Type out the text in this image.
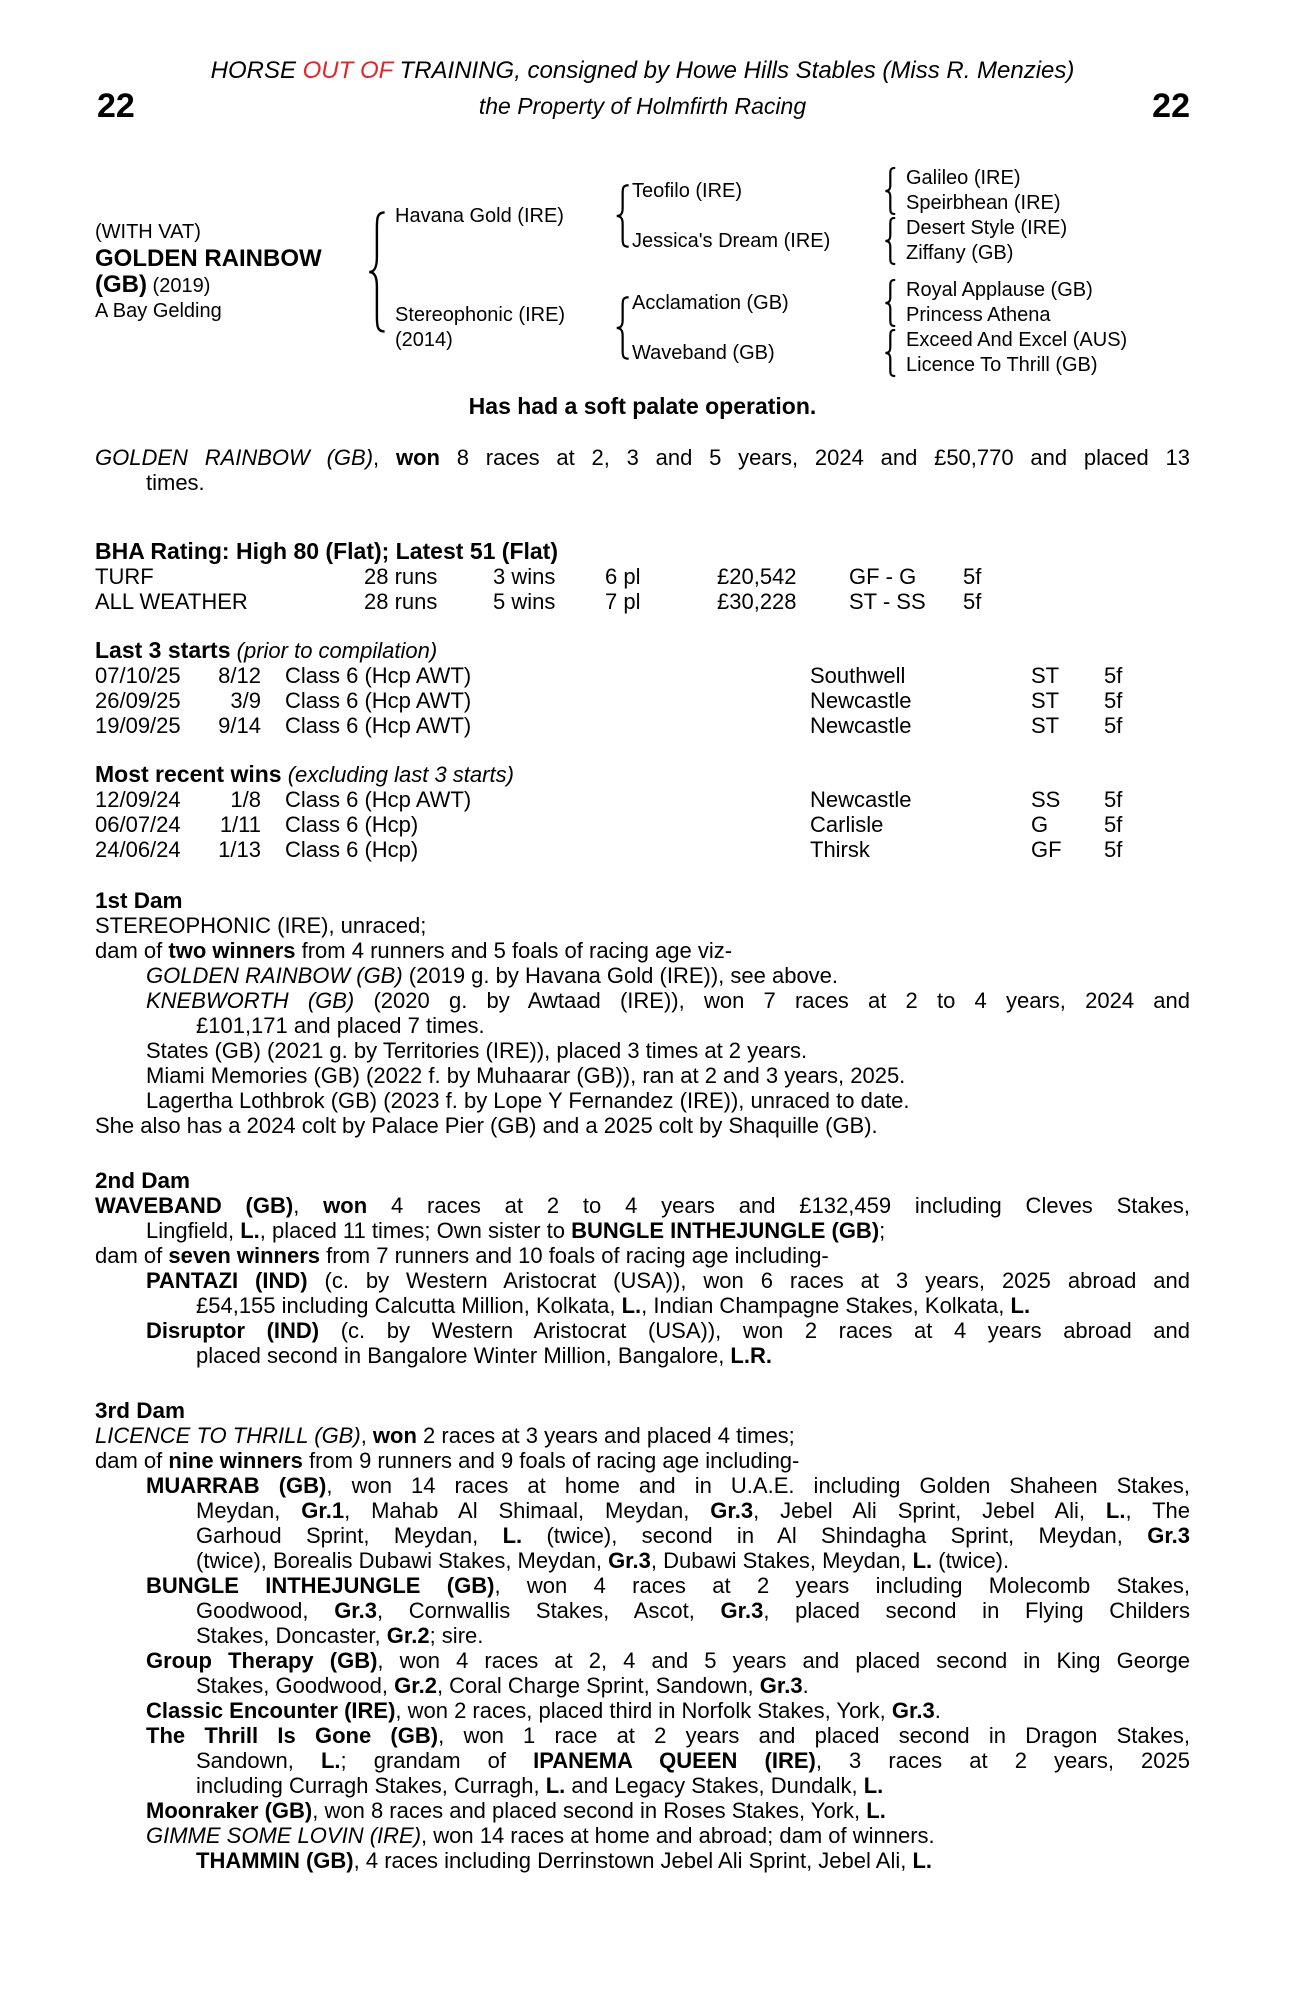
HORSE OUT OF TRAINING, consigned by Howe Hills Stables (Miss R. Menzies)
22	the Property of Holmfirth Racing	22
(WITH VAT)
GOLDEN RAINBOW
(GB) (2019)
A Bay Gelding
Havana Gold (IRE)
Teofilo (IRE)
Galileo (IRE)
Speirbhean (IRE)
Jessica's Dream (IRE)
Desert Style (IRE)
Ziffany (GB)
Stereophonic (IRE)
(2014)
Acclamation (GB)
Royal Applause (GB)
Princess Athena
Waveband (GB)
Exceed And Excel (AUS)
Licence To Thrill (GB)
Has had a soft palate operation.
GOLDEN RAINBOW (GB), won 8 races at 2, 3 and 5 years, 2024 and £50,770 and placed 13
times.
BHA Rating: High 80 (Flat); Latest 51 (Flat)
TURF	28 runs	3 wins	6 pl	£20,542	GF - G	5f
ALL WEATHER	28 runs	5 wins	7 pl	£30,228	ST - SS	5f
Last 3 starts (prior to compilation)
07/10/25	8/12	Class 6 (Hcp AWT)	Southwell	ST	5f
26/09/25	3/9	Class 6 (Hcp AWT)	Newcastle	ST	5f
19/09/25	9/14	Class 6 (Hcp AWT)	Newcastle	ST	5f
Most recent wins (excluding last 3 starts)
12/09/24	1/8	Class 6 (Hcp AWT)	Newcastle	SS	5f
06/07/24	1/11	Class 6 (Hcp)	Carlisle	G	5f
24/06/24	1/13	Class 6 (Hcp)	Thirsk	GF	5f
1st Dam
STEREOPHONIC (IRE), unraced;
dam of two winners from 4 runners and 5 foals of racing age viz-
GOLDEN RAINBOW (GB) (2019 g. by Havana Gold (IRE)), see above.
KNEBWORTH (GB) (2020 g. by Awtaad (IRE)), won 7 races at 2 to 4 years, 2024 and
£101,171 and placed 7 times.
States (GB) (2021 g. by Territories (IRE)), placed 3 times at 2 years.
Miami Memories (GB) (2022 f. by Muhaarar (GB)), ran at 2 and 3 years, 2025.
Lagertha Lothbrok (GB) (2023 f. by Lope Y Fernandez (IRE)), unraced to date.
She also has a 2024 colt by Palace Pier (GB) and a 2025 colt by Shaquille (GB).
2nd Dam
WAVEBAND (GB), won 4 races at 2 to 4 years and £132,459 including Cleves Stakes,
Lingfield, L., placed 11 times; Own sister to BUNGLE INTHEJUNGLE (GB);
dam of seven winners from 7 runners and 10 foals of racing age including-
PANTAZI (IND) (c. by Western Aristocrat (USA)), won 6 races at 3 years, 2025 abroad and
£54,155 including Calcutta Million, Kolkata, L., Indian Champagne Stakes, Kolkata, L.
Disruptor (IND) (c. by Western Aristocrat (USA)), won 2 races at 4 years abroad and
placed second in Bangalore Winter Million, Bangalore, L.R.
3rd Dam
LICENCE TO THRILL (GB), won 2 races at 3 years and placed 4 times;
dam of nine winners from 9 runners and 9 foals of racing age including-
MUARRAB (GB), won 14 races at home and in U.A.E. including Golden Shaheen Stakes,
Meydan, Gr.1, Mahab Al Shimaal, Meydan, Gr.3, Jebel Ali Sprint, Jebel Ali, L., The
Garhoud Sprint, Meydan, L. (twice), second in Al Shindagha Sprint, Meydan, Gr.3
(twice), Borealis Dubawi Stakes, Meydan, Gr.3, Dubawi Stakes, Meydan, L. (twice).
BUNGLE INTHEJUNGLE (GB), won 4 races at 2 years including Molecomb Stakes,
Goodwood, Gr.3, Cornwallis Stakes, Ascot, Gr.3, placed second in Flying Childers
Stakes, Doncaster, Gr.2; sire.
Group Therapy (GB), won 4 races at 2, 4 and 5 years and placed second in King George
Stakes, Goodwood, Gr.2, Coral Charge Sprint, Sandown, Gr.3.
Classic Encounter (IRE), won 2 races, placed third in Norfolk Stakes, York, Gr.3.
The Thrill Is Gone (GB), won 1 race at 2 years and placed second in Dragon Stakes,
Sandown, L.; grandam of IPANEMA QUEEN (IRE), 3 races at 2 years, 2025
including Curragh Stakes, Curragh, L. and Legacy Stakes, Dundalk, L.
Moonraker (GB), won 8 races and placed second in Roses Stakes, York, L.
GIMME SOME LOVIN (IRE), won 14 races at home and abroad; dam of winners.
THAMMIN (GB), 4 races including Derrinstown Jebel Ali Sprint, Jebel Ali, L.
